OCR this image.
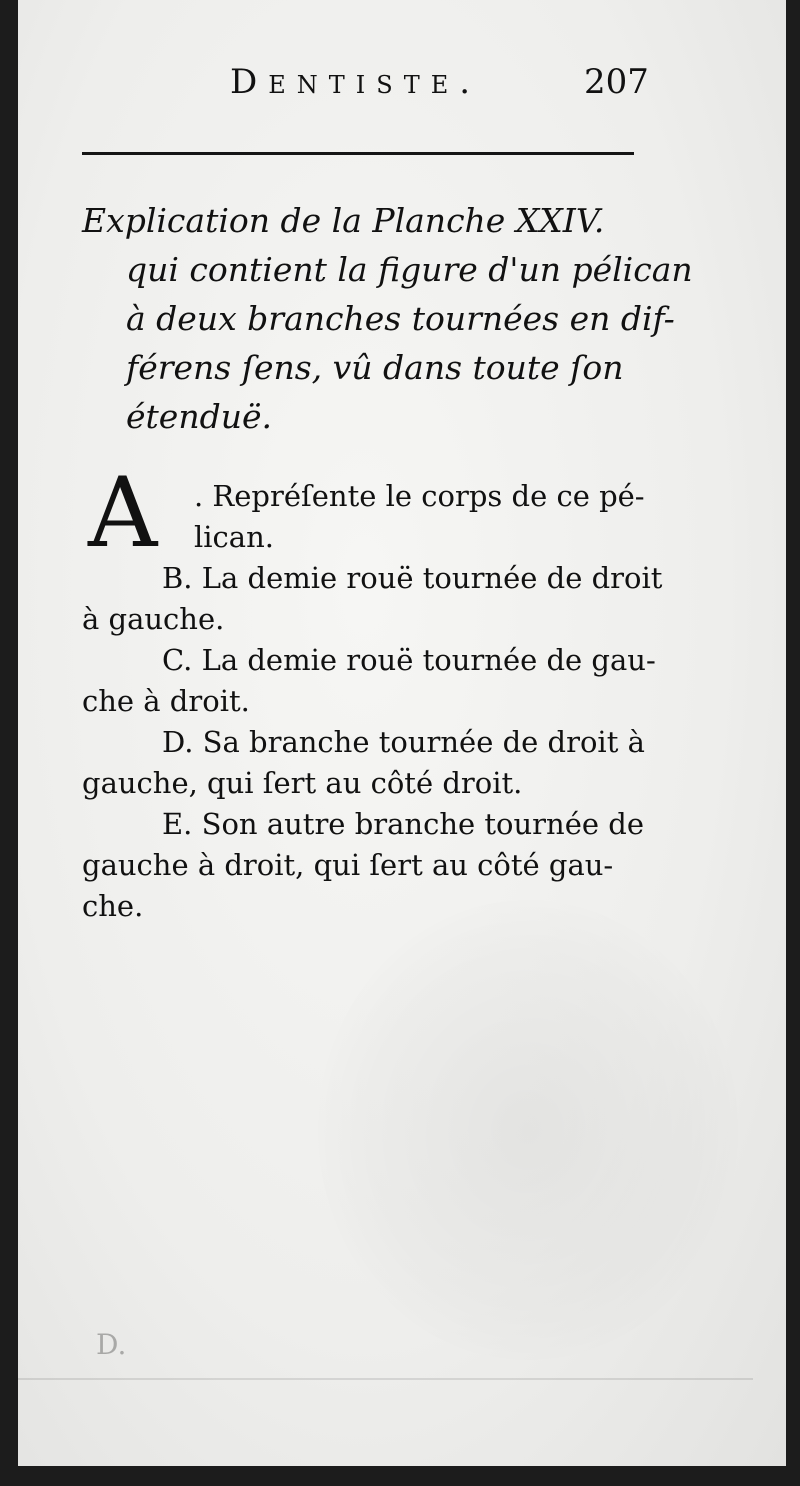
Dentiste.	207
Explication de la Planche XXIV.
qui contient la figure d'un pélican
à deux branches tournées en dif-
férens ſens, vû dans toute ſon
étenduë.
A . Repréſente le corps de ce pé-
lican.
B. La demie rouë tournée de droit
à gauche.
C. La demie rouë tournée de gau-
che à droit.
D. Sa branche tournée de droit à
gauche, qui ſert au côté droit.
E. Son autre branche tournée de
gauche à droit, qui ſert au côté gau-
che.
D.
